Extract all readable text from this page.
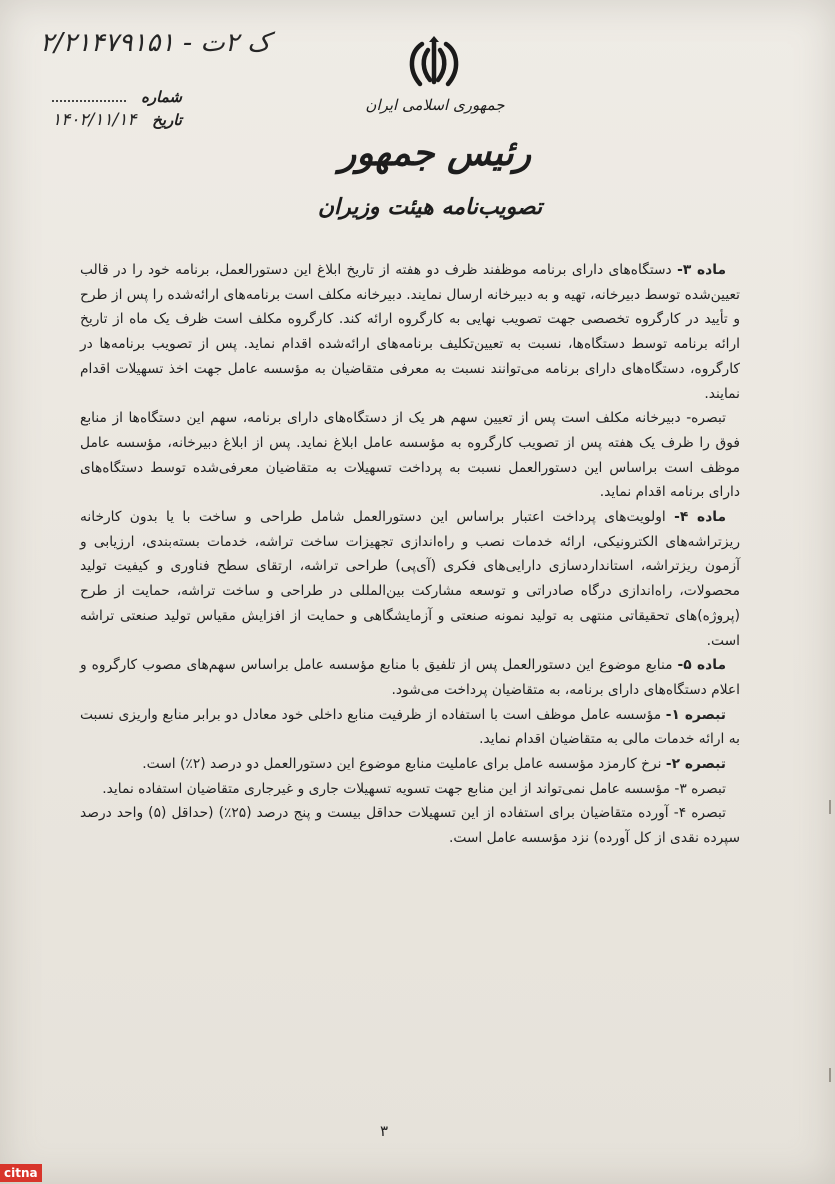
۲/۲۱۴۷ک ۲ت - ۹۱۵۱
شماره
تاریخ
۱۴۰۲/۱۱/۱۴
جمهوری اسلامی ایران
رئیس جمهور
تصویب‌نامه هیئت وزیران

ماده ۳- دستگاه‌های دارای برنامه موظفند ظرف دو هفته از تاریخ ابلاغ این دستورالعمل، برنامه خود را در قالب تعیین‌شده توسط دبیرخانه، تهیه و به دبیرخانه ارسال نمایند. دبیرخانه مکلف است برنامه‌های ارائه‌شده را پس از طرح و تأیید در کارگروه تخصصی جهت تصویب نهایی به کارگروه ارائه کند. کارگروه مکلف است ظرف یک ماه از تاریخ ارائه برنامه توسط دستگاه‌ها، نسبت به تعیین‌تکلیف برنامه‌های ارائه‌شده اقدام نماید. پس از تصویب برنامه‌ها در کارگروه، دستگاه‌های دارای برنامه می‌توانند نسبت به معرفی متقاضیان به مؤسسه عامل جهت اخذ تسهیلات اقدام نمایند.

تبصره- دبیرخانه مکلف است پس از تعیین سهم هر یک از دستگاه‌های دارای برنامه، سهم این دستگاه‌ها از منابع فوق را ظرف یک هفته پس از تصویب کارگروه به مؤسسه عامل ابلاغ نماید. پس از ابلاغ دبیرخانه، مؤسسه عامل موظف است براساس این دستورالعمل نسبت به پرداخت تسهیلات به متقاضیان معرفی‌شده توسط دستگاه‌های دارای برنامه اقدام نماید.

ماده ۴- اولویت‌های پرداخت اعتبار براساس این دستورالعمل شامل طراحی و ساخت با یا بدون کارخانه ریزتراشه‌های الکترونیکی، ارائه خدمات نصب و راه‌اندازی تجهیزات ساخت تراشه، خدمات بسته‌بندی، ارزیابی و آزمون ریزتراشه، استانداردسازی دارایی‌های فکری (آی‌پی) طراحی تراشه، ارتقای سطح فناوری و کیفیت تولید محصولات، راه‌اندازی درگاه صادراتی و توسعه مشارکت بین‌المللی در طراحی و ساخت تراشه، حمایت از طرح (پروژه)های تحقیقاتی منتهی به تولید نمونه صنعتی و آزمایشگاهی و حمایت از افزایش مقیاس تولید صنعتی تراشه است.

ماده ۵- منابع موضوع این دستورالعمل پس از تلفیق با منابع مؤسسه عامل براساس سهم‌های مصوب کارگروه و اعلام دستگاه‌های دارای برنامه، به متقاضیان پرداخت می‌شود.

تبصره ۱- مؤسسه عامل موظف است با استفاده از ظرفیت منابع داخلی خود معادل دو برابر منابع واریزی نسبت به ارائه خدمات مالی به متقاضیان اقدام نماید.

تبصره ۲- نرخ کارمزد مؤسسه عامل برای عاملیت منابع موضوع این دستورالعمل دو درصد (۲٪) است.

تبصره ۳- مؤسسه عامل نمی‌تواند از این منابع جهت تسویه تسهیلات جاری و غیرجاری متقاضیان استفاده نماید.

تبصره ۴- آورده متقاضیان برای استفاده از این تسهیلات حداقل بیست و پنج درصد (۲۵٪) (حداقل (۵) واحد درصد سپرده نقدی از کل آورده) نزد مؤسسه عامل است.

۳
citna
